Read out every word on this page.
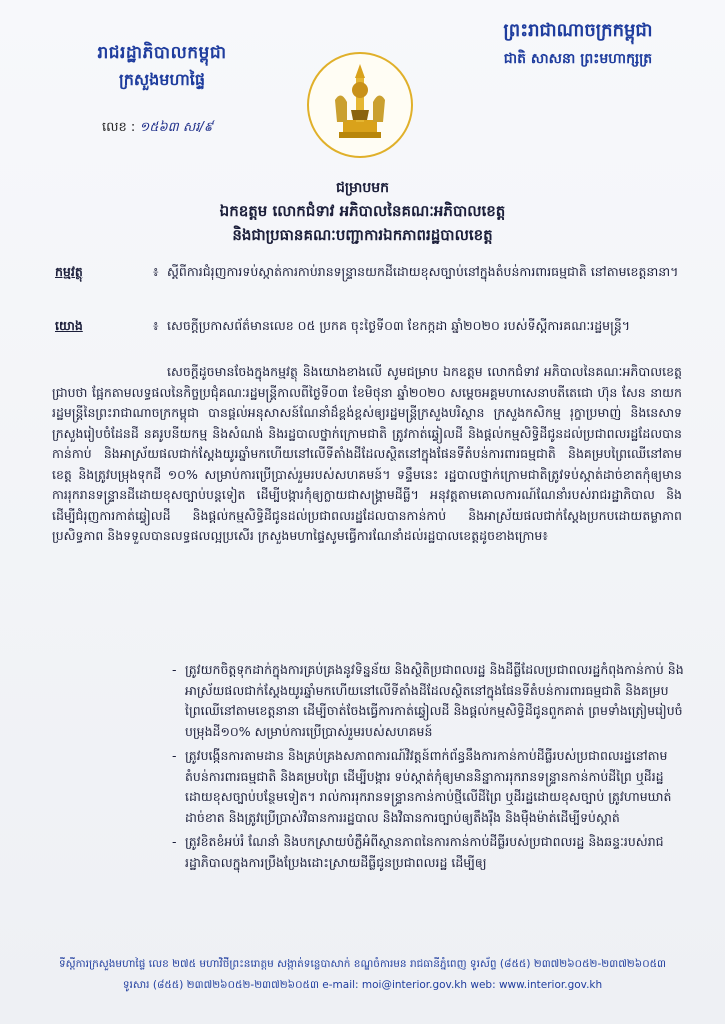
រាជរដ្ឋាភិបាលកម្ពុជា
ក្រសួងមហាផ្ទៃ
លេខ : ១៥៦៣ សរ/៩
ព្រះរាជាណាចក្រកម្ពុជា
ជាតិ សាសនា ព្រះមហាក្សត្រ
ជម្រាបមក
ឯកឧត្តម លោកជំទាវ អភិបាលនៃគណៈអភិបាលខេត្ត
និងជាប្រធានគណៈបញ្ជាការឯកភាពរដ្ឋបាលខេត្ត
កម្មវត្ថុ	៖ ស្តីពីការជំរុញការទប់ស្កាត់ការកាប់រានទន្ទ្រានយកដីដោយខុសច្បាប់នៅក្នុងតំបន់ការពារធម្មជាតិ នៅតាមខេត្តនានា។
យោង	៖ សេចក្តីប្រកាសព័ត៌មានលេខ ០៥ ប្រកគ ចុះថ្ងៃទី០៣ ខែកក្កដា ឆ្នាំ២០២០ របស់ទីស្តីការគណៈរដ្ឋមន្ត្រី។

សេចក្តីដូចមានចែងក្នុងកម្មវត្ថុ និងយោងខាងលើ សូមជម្រាប ឯកឧត្តម លោកជំទាវ អភិបាលនៃគណៈអភិបាលខេត្ត ជ្រាបថា ផ្អែកតាមលទ្ធផលនៃកិច្ចប្រជុំគណៈរដ្ឋមន្ត្រីកាលពីថ្ងៃទី០៣ ខែមិថុនា ឆ្នាំ២០២០ សម្តេចអគ្គមហាសេនាបតីតេជោ ហ៊ុន សែន នាយករដ្ឋមន្ត្រីនៃព្រះរាជាណាចក្រកម្ពុជា បានផ្តល់អនុសាសន៍ណែនាំដ៏ខ្ពង់ខ្ពស់ឲ្យរដ្ឋមន្ត្រីក្រសួងបរិស្ថាន ក្រសួងកសិកម្ម រុក្ខាប្រមាញ់ និងនេសាទ ក្រសួងរៀបចំដែនដី នគរូបនីយកម្ម និងសំណង់ និងរដ្ឋបាលថ្នាក់ក្រោមជាតិ ត្រូវកាត់ឆ្វៀលដី និងផ្តល់កម្មសិទ្ធិដីជូនដល់ប្រជាពលរដ្ឋដែលបានកាន់កាប់ និងអាស្រ័យផលជាក់ស្តែងយូរឆ្នាំមកហើយនៅលើទីតាំងដីដែលស្ថិតនៅក្នុងផែនទីតំបន់ការពារធម្មជាតិ និងគម្របព្រៃឈើនៅតាមខេត្ត និងត្រូវបម្រុងទុកដី ១០% សម្រាប់ការប្រើប្រាស់រួមរបស់សហគមន៍។ ទន្ទឹមនេះ រដ្ឋបាលថ្នាក់ក្រោមជាតិត្រូវទប់ស្កាត់ដាច់ខាតកុំឲ្យមានការរុករានទន្ទ្រានដីដោយខុសច្បាប់បន្តទៀត ដើម្បីបង្ការកុំឲ្យក្លាយជាសង្គ្រាមដីធ្លី។ អនុវត្តតាមគោលការណ៍ណែនាំរបស់រាជរដ្ឋាភិបាល និងដើម្បីជំរុញការកាត់ឆ្វៀលដី និងផ្តល់កម្មសិទ្ធិដីជូនដល់ប្រជាពលរដ្ឋដែលបានកាន់កាប់ និងអាស្រ័យផលជាក់ស្តែងប្រកបដោយតម្លាភាព ប្រសិទ្ធភាព និងទទួលបានលទ្ធផលល្អប្រសើរ ក្រសួងមហាផ្ទៃសូមធ្វើការណែនាំដល់រដ្ឋបាលខេត្តដូចខាងក្រោម៖

- ត្រូវយកចិត្តទុកដាក់ក្នុងការគ្រប់គ្រងនូវទិន្នន័យ និងស្ថិតិប្រជាពលរដ្ឋ និងដីធ្លីដែលប្រជាពលរដ្ឋកំពុងកាន់កាប់ និងអាស្រ័យផលជាក់ស្តែងយូរឆ្នាំមកហើយនៅលើទីតាំងដីដែលស្ថិតនៅក្នុងផែនទីតំបន់ការពារធម្មជាតិ និងគម្របព្រៃឈើនៅតាមខេត្តនានា ដើម្បីចាត់ចែងធ្វើការកាត់ឆ្វៀលដី និងផ្តល់កម្មសិទ្ធិដីជូនពួកគាត់ ព្រមទាំងត្រៀមរៀបចំបម្រុងដី១០% សម្រាប់ការប្រើប្រាស់រួមរបស់សហគមន៍
- ត្រូវបង្កើនការតាមដាន និងគ្រប់គ្រងសភាពការណ៍វិវត្តន៍ពាក់ព័ន្ធនឹងការកាន់កាប់ដីធ្លីរបស់ប្រជាពលរដ្ឋនៅតាមតំបន់ការពារធម្មជាតិ និងគម្របព្រៃ ដើម្បីបង្ការ ទប់ស្កាត់កុំឲ្យមាននិន្នាការរុករានទន្ទ្រានកាន់កាប់ដីព្រៃ ឬដីរដ្ឋដោយខុសច្បាប់បន្ថែមទៀត។ រាល់ការរុករានទន្ទ្រានកាន់កាប់ថ្មីលើដីព្រៃ ឬដីរដ្ឋដោយខុសច្បាប់ ត្រូវហាមឃាត់ដាច់ខាត និងត្រូវប្រើប្រាស់វិធានការរដ្ឋបាល និងវិធានការច្បាប់ឲ្យតឹងរ៉ឹង និងម៉ឺងម៉ាត់ដើម្បីទប់ស្កាត់
- ត្រូវខិតខំអប់រំ ណែនាំ និងបកស្រាយបំភ្លឺអំពីស្ថានភាពនៃការកាន់កាប់ដីធ្លីរបស់ប្រជាពលរដ្ឋ និងឆន្ទៈរបស់រាជរដ្ឋាភិបាលក្នុងការប្រឹងប្រែងដោះស្រាយដីធ្លីជូនប្រជាពលរដ្ឋ ដើម្បីឲ្យ
ទីស្តីការក្រសួងមហាផ្ទៃ លេខ ២៧៥ មហាវិថីព្រះនរោត្តម សង្កាត់ទន្លេបាសាក់ ខណ្ឌចំការមន រាជធានីភ្នំពេញ ទូរស័ព្ទ (៨៥៥) ២៣៧២៦០៥២-២៣៧២៦០៥៣
ទូរសារ (៨៥៥) ២៣៧២៦០៥២-២៣៧២៦០៥៣ e-mail: moi@interior.gov.kh web: www.interior.gov.kh
